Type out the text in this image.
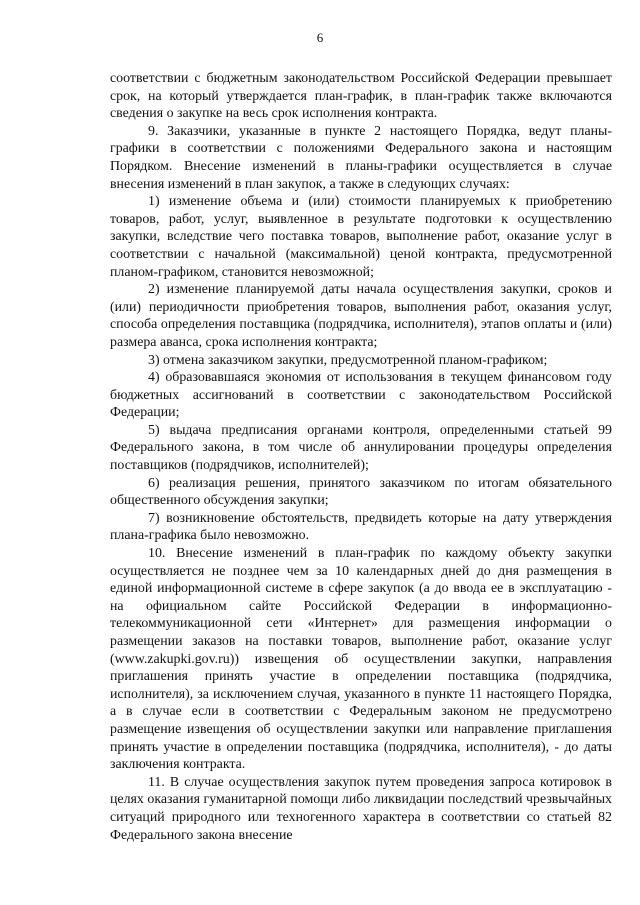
6

соответствии с бюджетным законодательством Российской Федерации превышает срок, на который утверждается план-график, в план-график также включаются сведения о закупке на весь срок исполнения контракта.

9. Заказчики, указанные в пункте 2 настоящего Порядка, ведут планы-графики в соответствии с положениями Федерального закона и настоящим Порядком. Внесение изменений в планы-графики осуществляется в случае внесения изменений в план закупок, а также в следующих случаях:

1) изменение объема и (или) стоимости планируемых к приобретению товаров, работ, услуг, выявленное в результате подготовки к осуществлению закупки, вследствие чего поставка товаров, выполнение работ, оказание услуг в соответствии с начальной (максимальной) ценой контракта, предусмотренной планом-графиком, становится невозможной;

2) изменение планируемой даты начала осуществления закупки, сроков и (или) периодичности приобретения товаров, выполнения работ, оказания услуг, способа определения поставщика (подрядчика, исполнителя), этапов оплаты и (или) размера аванса, срока исполнения контракта;

3) отмена заказчиком закупки, предусмотренной планом-графиком;

4) образовавшаяся экономия от использования в текущем финансовом году бюджетных ассигнований в соответствии с законодательством Российской Федерации;

5) выдача предписания органами контроля, определенными статьей 99 Федерального закона, в том числе об аннулировании процедуры определения поставщиков (подрядчиков, исполнителей);

6) реализация решения, принятого заказчиком по итогам обязательного общественного обсуждения закупки;

7) возникновение обстоятельств, предвидеть которые на дату утверждения плана-графика было невозможно.

10. Внесение изменений в план-график по каждому объекту закупки осуществляется не позднее чем за 10 календарных дней до дня размещения в единой информационной системе в сфере закупок (а до ввода ее в эксплуатацию - на официальном сайте Российской Федерации в информационно-телекоммуникационной сети «Интернет» для размещения информации о размещении заказов на поставки товаров, выполнение работ, оказание услуг (www.zakupki.gov.ru)) извещения об осуществлении закупки, направления приглашения принять участие в определении поставщика (подрядчика, исполнителя), за исключением случая, указанного в пункте 11 настоящего Порядка, а в случае если в соответствии с Федеральным законом не предусмотрено размещение извещения об осуществлении закупки или направление приглашения принять участие в определении поставщика (подрядчика, исполнителя), - до даты заключения контракта.

11. В случае осуществления закупок путем проведения запроса котировок в целях оказания гуманитарной помощи либо ликвидации последствий чрезвычайных ситуаций природного или техногенного характера в соответствии со статьей 82 Федерального закона внесение
